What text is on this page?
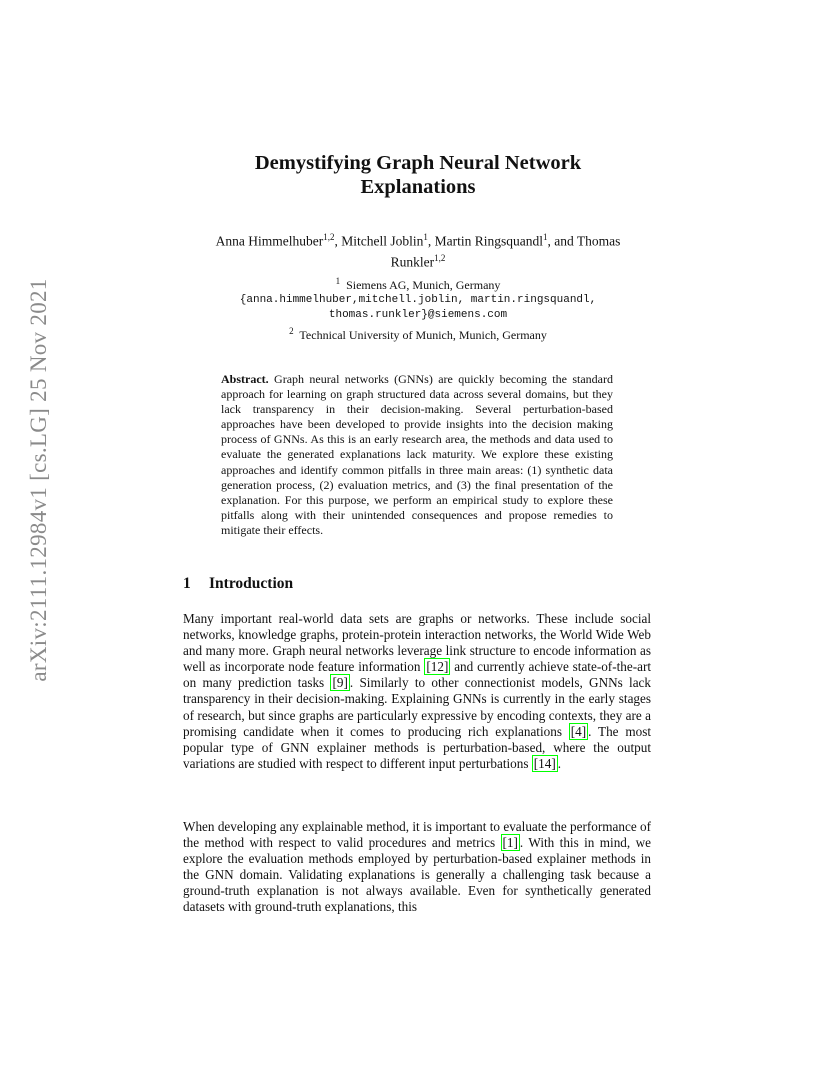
arXiv:2111.12984v1 [cs.LG] 25 Nov 2021
Demystifying Graph Neural Network
Explanations
Anna Himmelhuber$^{1,2}$, Mitchell Joblin$^1$, Martin Ringsquandl$^1$, and Thomas
Runkler$^{1,2}$
$^1$ Siemens AG, Munich, Germany
{anna.himmelhuber,mitchell.joblin, martin.ringsquandl,
thomas.runkler}@siemens.com
$^2$ Technical University of Munich, Munich, Germany
Abstract. Graph neural networks (GNNs) are quickly becoming the standard approach for learning on graph structured data across several domains, but they lack transparency in their decision-making. Several perturbation-based approaches have been developed to provide insights into the decision making process of GNNs. As this is an early research area, the methods and data used to evaluate the generated explanations lack maturity. We explore these existing approaches and identify common pitfalls in three main areas: (1) synthetic data generation process, (2) evaluation metrics, and (3) the final presentation of the explanation. For this purpose, we perform an empirical study to explore these pitfalls along with their unintended consequences and propose remedies to mitigate their effects.
1 Introduction

Many important real-world data sets are graphs or networks. These include social networks, knowledge graphs, protein-protein interaction networks, the World Wide Web and many more. Graph neural networks leverage link structure to encode information as well as incorporate node feature information [12] and currently achieve state-of-the-art on many prediction tasks [9] . Similarly to other connectionist models, GNNs lack transparency in their decision-making. Explaining GNNs is currently in the early stages of research, but since graphs are particularly expressive by encoding contexts, they are a promising candidate when it comes to producing rich explanations [4] . The most popular type of GNN explainer methods is perturbation-based, where the output variations are studied with respect to different input perturbations [14] .

When developing any explainable method, it is important to evaluate the performance of the method with respect to valid procedures and metrics [1] . With this in mind, we explore the evaluation methods employed by perturbation-based explainer methods in the GNN domain. Validating explanations is generally a challenging task because a ground-truth explanation is not always available. Even for synthetically generated datasets with ground-truth explanations, this
